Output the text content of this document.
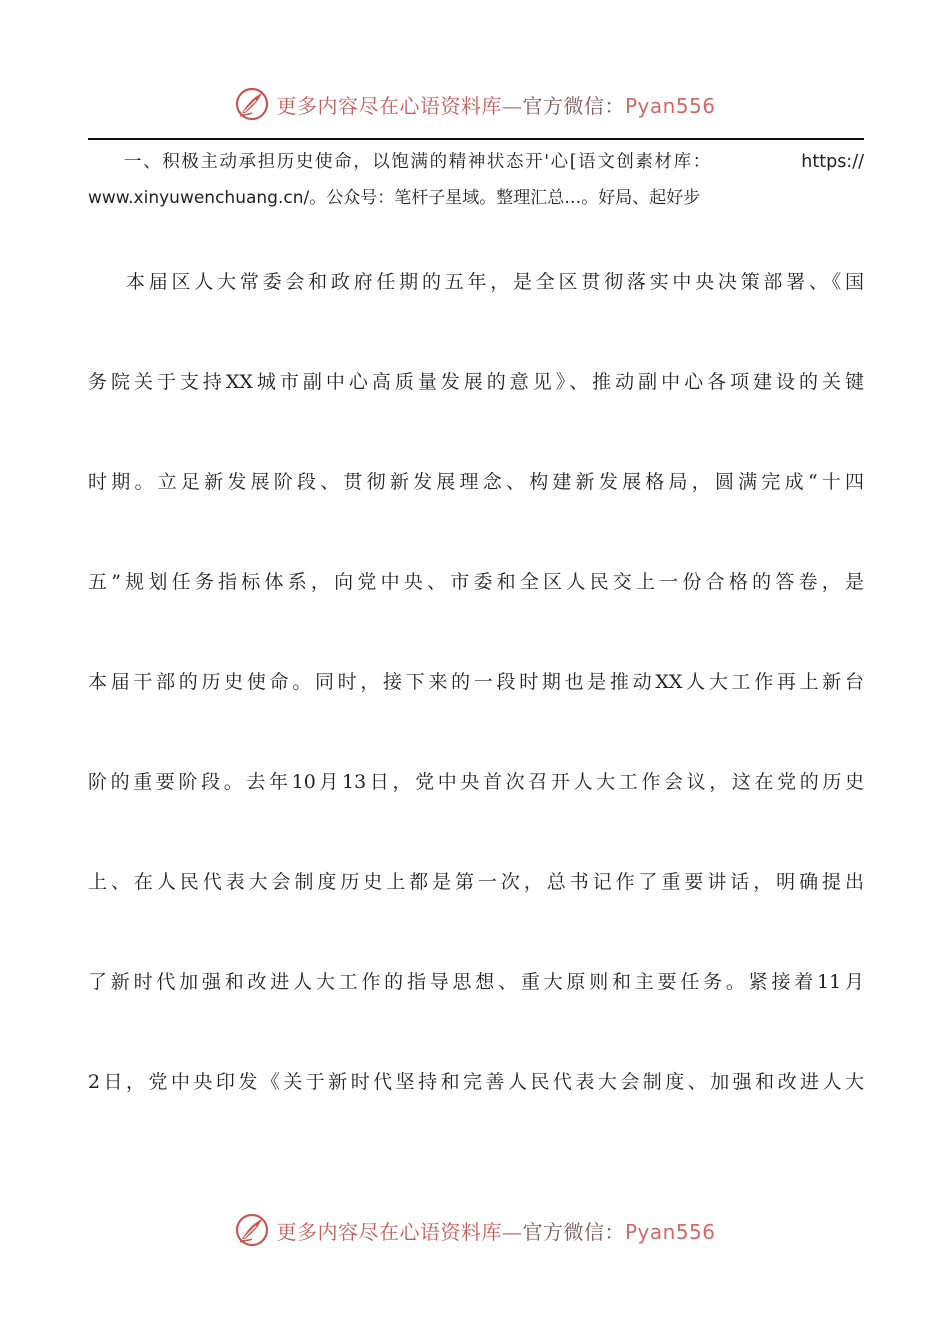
更多内容尽在心语资料库—官方微信：Pyan556
一、积极主动承担历史使命，以饱满的精神状态开'心[语文创素材库：	https://
www.xinyuwenchuang.cn/。公众号：笔杆子星域。整理汇总…。好局、起好步
本届区人大常委会和政府任期的五年，是全区贯彻落实中央决策部署、《国
务院关于支持XX城市副中心高质量发展的意见》、推动副中心各项建设的关键
时期。立足新发展阶段、贯彻新发展理念、构建新发展格局，圆满完成“十四
五”规划任务指标体系，向党中央、市委和全区人民交上一份合格的答卷，是
本届干部的历史使命。同时，接下来的一段时期也是推动XX人大工作再上新台
阶的重要阶段。去年10月13日，党中央首次召开人大工作会议，这在党的历史
上、在人民代表大会制度历史上都是第一次，总书记作了重要讲话，明确提出
了新时代加强和改进人大工作的指导思想、重大原则和主要任务。紧接着11月
2日，党中央印发《关于新时代坚持和完善人民代表大会制度、加强和改进人大
更多内容尽在心语资料库—官方微信：Pyan556
